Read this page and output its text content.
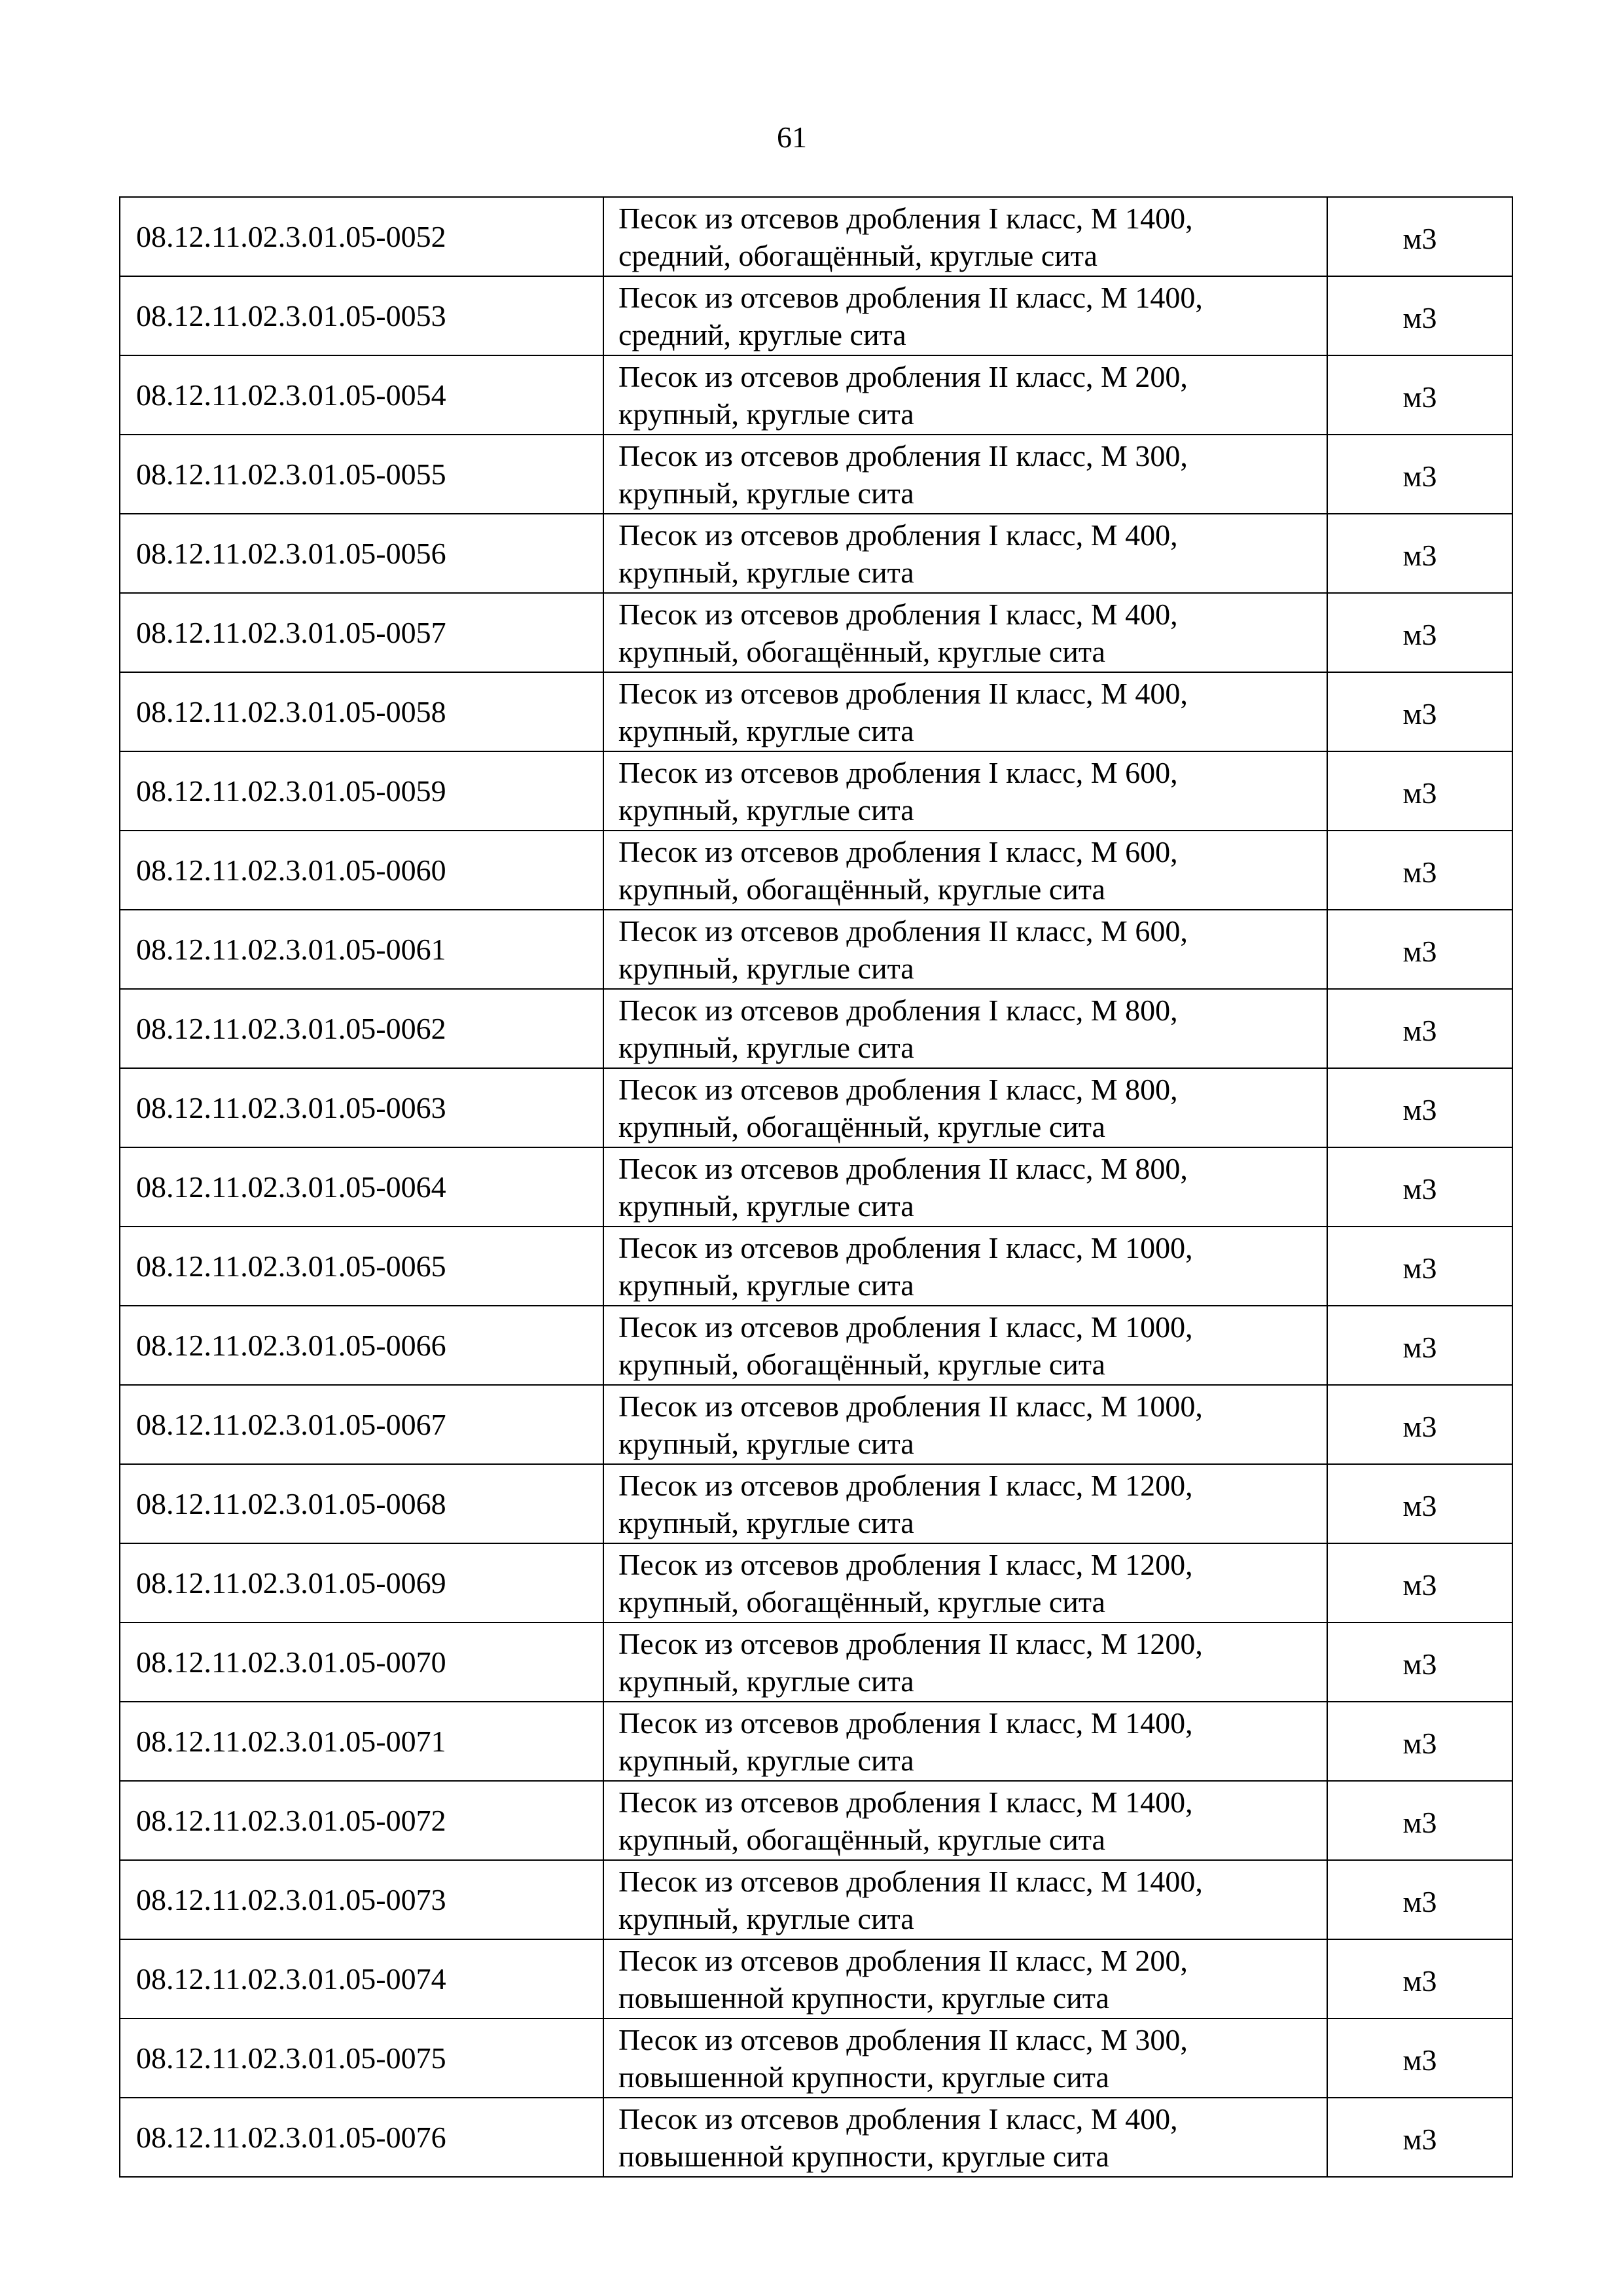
61
08.12.11.02.3.01.05-0052	Песок из отсевов дробления I класс, М 1400,
средний, обогащённый, круглые сита	м3
08.12.11.02.3.01.05-0053	Песок из отсевов дробления II класс, М 1400,
средний, круглые сита	м3
08.12.11.02.3.01.05-0054	Песок из отсевов дробления II класс, М 200,
крупный, круглые сита	м3
08.12.11.02.3.01.05-0055	Песок из отсевов дробления II класс, М 300,
крупный, круглые сита	м3
08.12.11.02.3.01.05-0056	Песок из отсевов дробления I класс, М 400,
крупный, круглые сита	м3
08.12.11.02.3.01.05-0057	Песок из отсевов дробления I класс, М 400,
крупный, обогащённый, круглые сита	м3
08.12.11.02.3.01.05-0058	Песок из отсевов дробления II класс, М 400,
крупный, круглые сита	м3
08.12.11.02.3.01.05-0059	Песок из отсевов дробления I класс, М 600,
крупный, круглые сита	м3
08.12.11.02.3.01.05-0060	Песок из отсевов дробления I класс, М 600,
крупный, обогащённый, круглые сита	м3
08.12.11.02.3.01.05-0061	Песок из отсевов дробления II класс, М 600,
крупный, круглые сита	м3
08.12.11.02.3.01.05-0062	Песок из отсевов дробления I класс, М 800,
крупный, круглые сита	м3
08.12.11.02.3.01.05-0063	Песок из отсевов дробления I класс, М 800,
крупный, обогащённый, круглые сита	м3
08.12.11.02.3.01.05-0064	Песок из отсевов дробления II класс, М 800,
крупный, круглые сита	м3
08.12.11.02.3.01.05-0065	Песок из отсевов дробления I класс, М 1000,
крупный, круглые сита	м3
08.12.11.02.3.01.05-0066	Песок из отсевов дробления I класс, М 1000,
крупный, обогащённый, круглые сита	м3
08.12.11.02.3.01.05-0067	Песок из отсевов дробления II класс, М 1000,
крупный, круглые сита	м3
08.12.11.02.3.01.05-0068	Песок из отсевов дробления I класс, М 1200,
крупный, круглые сита	м3
08.12.11.02.3.01.05-0069	Песок из отсевов дробления I класс, М 1200,
крупный, обогащённый, круглые сита	м3
08.12.11.02.3.01.05-0070	Песок из отсевов дробления II класс, М 1200,
крупный, круглые сита	м3
08.12.11.02.3.01.05-0071	Песок из отсевов дробления I класс, М 1400,
крупный, круглые сита	м3
08.12.11.02.3.01.05-0072	Песок из отсевов дробления I класс, М 1400,
крупный, обогащённый, круглые сита	м3
08.12.11.02.3.01.05-0073	Песок из отсевов дробления II класс, М 1400,
крупный, круглые сита	м3
08.12.11.02.3.01.05-0074	Песок из отсевов дробления II класс, М 200,
повышенной крупности, круглые сита	м3
08.12.11.02.3.01.05-0075	Песок из отсевов дробления II класс, М 300,
повышенной крупности, круглые сита	м3
08.12.11.02.3.01.05-0076	Песок из отсевов дробления I класс, М 400,
повышенной крупности, круглые сита	м3
